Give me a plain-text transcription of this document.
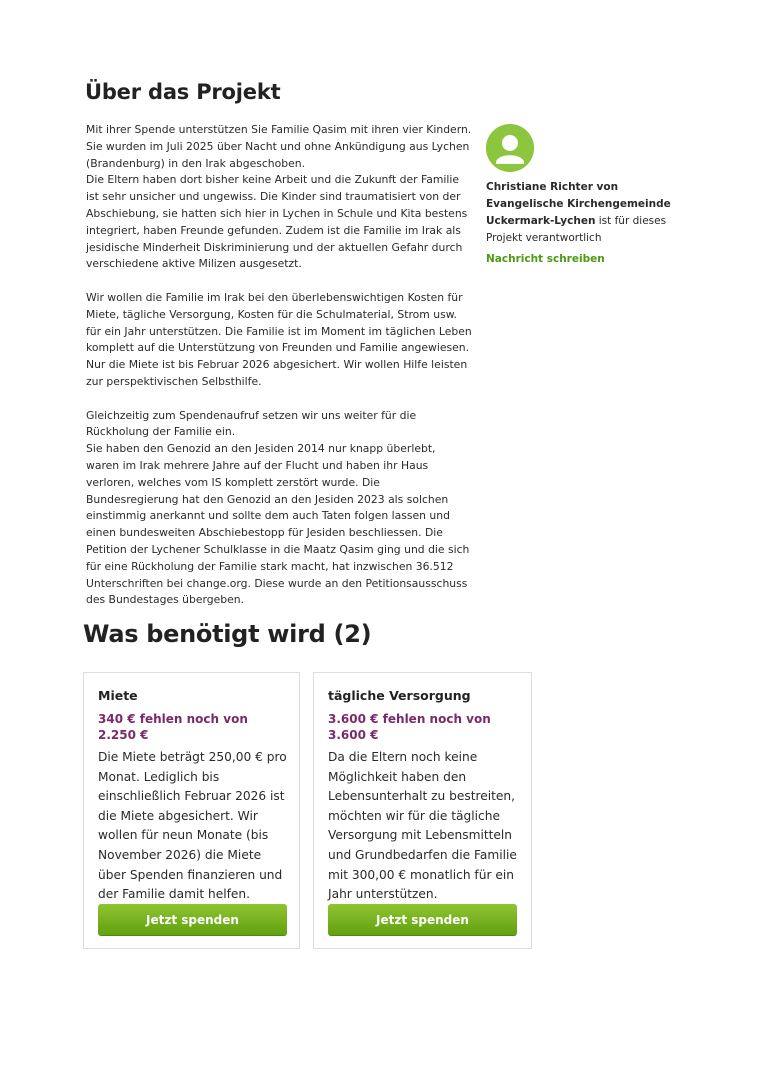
Über das Projekt

Mit ihrer Spende unterstützen Sie Familie Qasim mit ihren vier Kindern. Sie wurden im Juli 2025 über Nacht und ohne Ankündigung aus Lychen (Brandenburg) in den Irak abgeschoben.
Die Eltern haben dort bisher keine Arbeit und die Zukunft der Familie ist sehr unsicher und ungewiss. Die Kinder sind traumatisiert von der Abschiebung, sie hatten sich hier in Lychen in Schule und Kita bestens integriert, haben Freunde gefunden. Zudem ist die Familie im Irak als jesidische Minderheit Diskriminierung und der aktuellen Gefahr durch verschiedene aktive Milizen ausgesetzt.

Wir wollen die Familie im Irak bei den überlebenswichtigen Kosten für Miete, tägliche Versorgung, Kosten für die Schulmaterial, Strom usw. für ein Jahr unterstützen. Die Familie ist im Moment im täglichen Leben komplett auf die Unterstützung von Freunden und Familie angewiesen. Nur die Miete ist bis Februar 2026 abgesichert. Wir wollen Hilfe leisten zur perspektivischen Selbsthilfe.

Gleichzeitig zum Spendenaufruf setzen wir uns weiter für die Rückholung der Familie ein.
Sie haben den Genozid an den Jesiden 2014 nur knapp überlebt, waren im Irak mehrere Jahre auf der Flucht und haben ihr Haus verloren, welches vom IS komplett zerstört wurde. Die Bundesregierung hat den Genozid an den Jesiden 2023 als solchen einstimmig anerkannt und sollte dem auch Taten folgen lassen und einen bundesweiten Abschiebestopp für Jesiden beschliessen. Die Petition der Lychener Schulklasse in die Maatz Qasim ging und die sich für eine Rückholung der Familie stark macht, hat inzwischen 36.512 Unterschriften bei change.org. Diese wurde an den Petitionsausschuss des Bundestages übergeben.

Christiane Richter von Evangelische Kirchengemeinde Uckermark-Lychen ist für dieses Projekt verantwortlich
Nachricht schreiben
Was benötigt wird (2)
Miete
340 € fehlen noch von 2.250 €
Die Miete beträgt 250,00 € pro Monat. Lediglich bis einschließlich Februar 2026 ist die Miete abgesichert. Wir wollen für neun Monate (bis November 2026) die Miete über Spenden finanzieren und der Familie damit helfen.
Jetzt spenden
tägliche Versorgung
3.600 € fehlen noch von 3.600 €
Da die Eltern noch keine Möglichkeit haben den Lebensunterhalt zu bestreiten, möchten wir für die tägliche Versorgung mit Lebensmitteln und Grundbedarfen die Familie mit 300,00 € monatlich für ein Jahr unterstützen.
Jetzt spenden
